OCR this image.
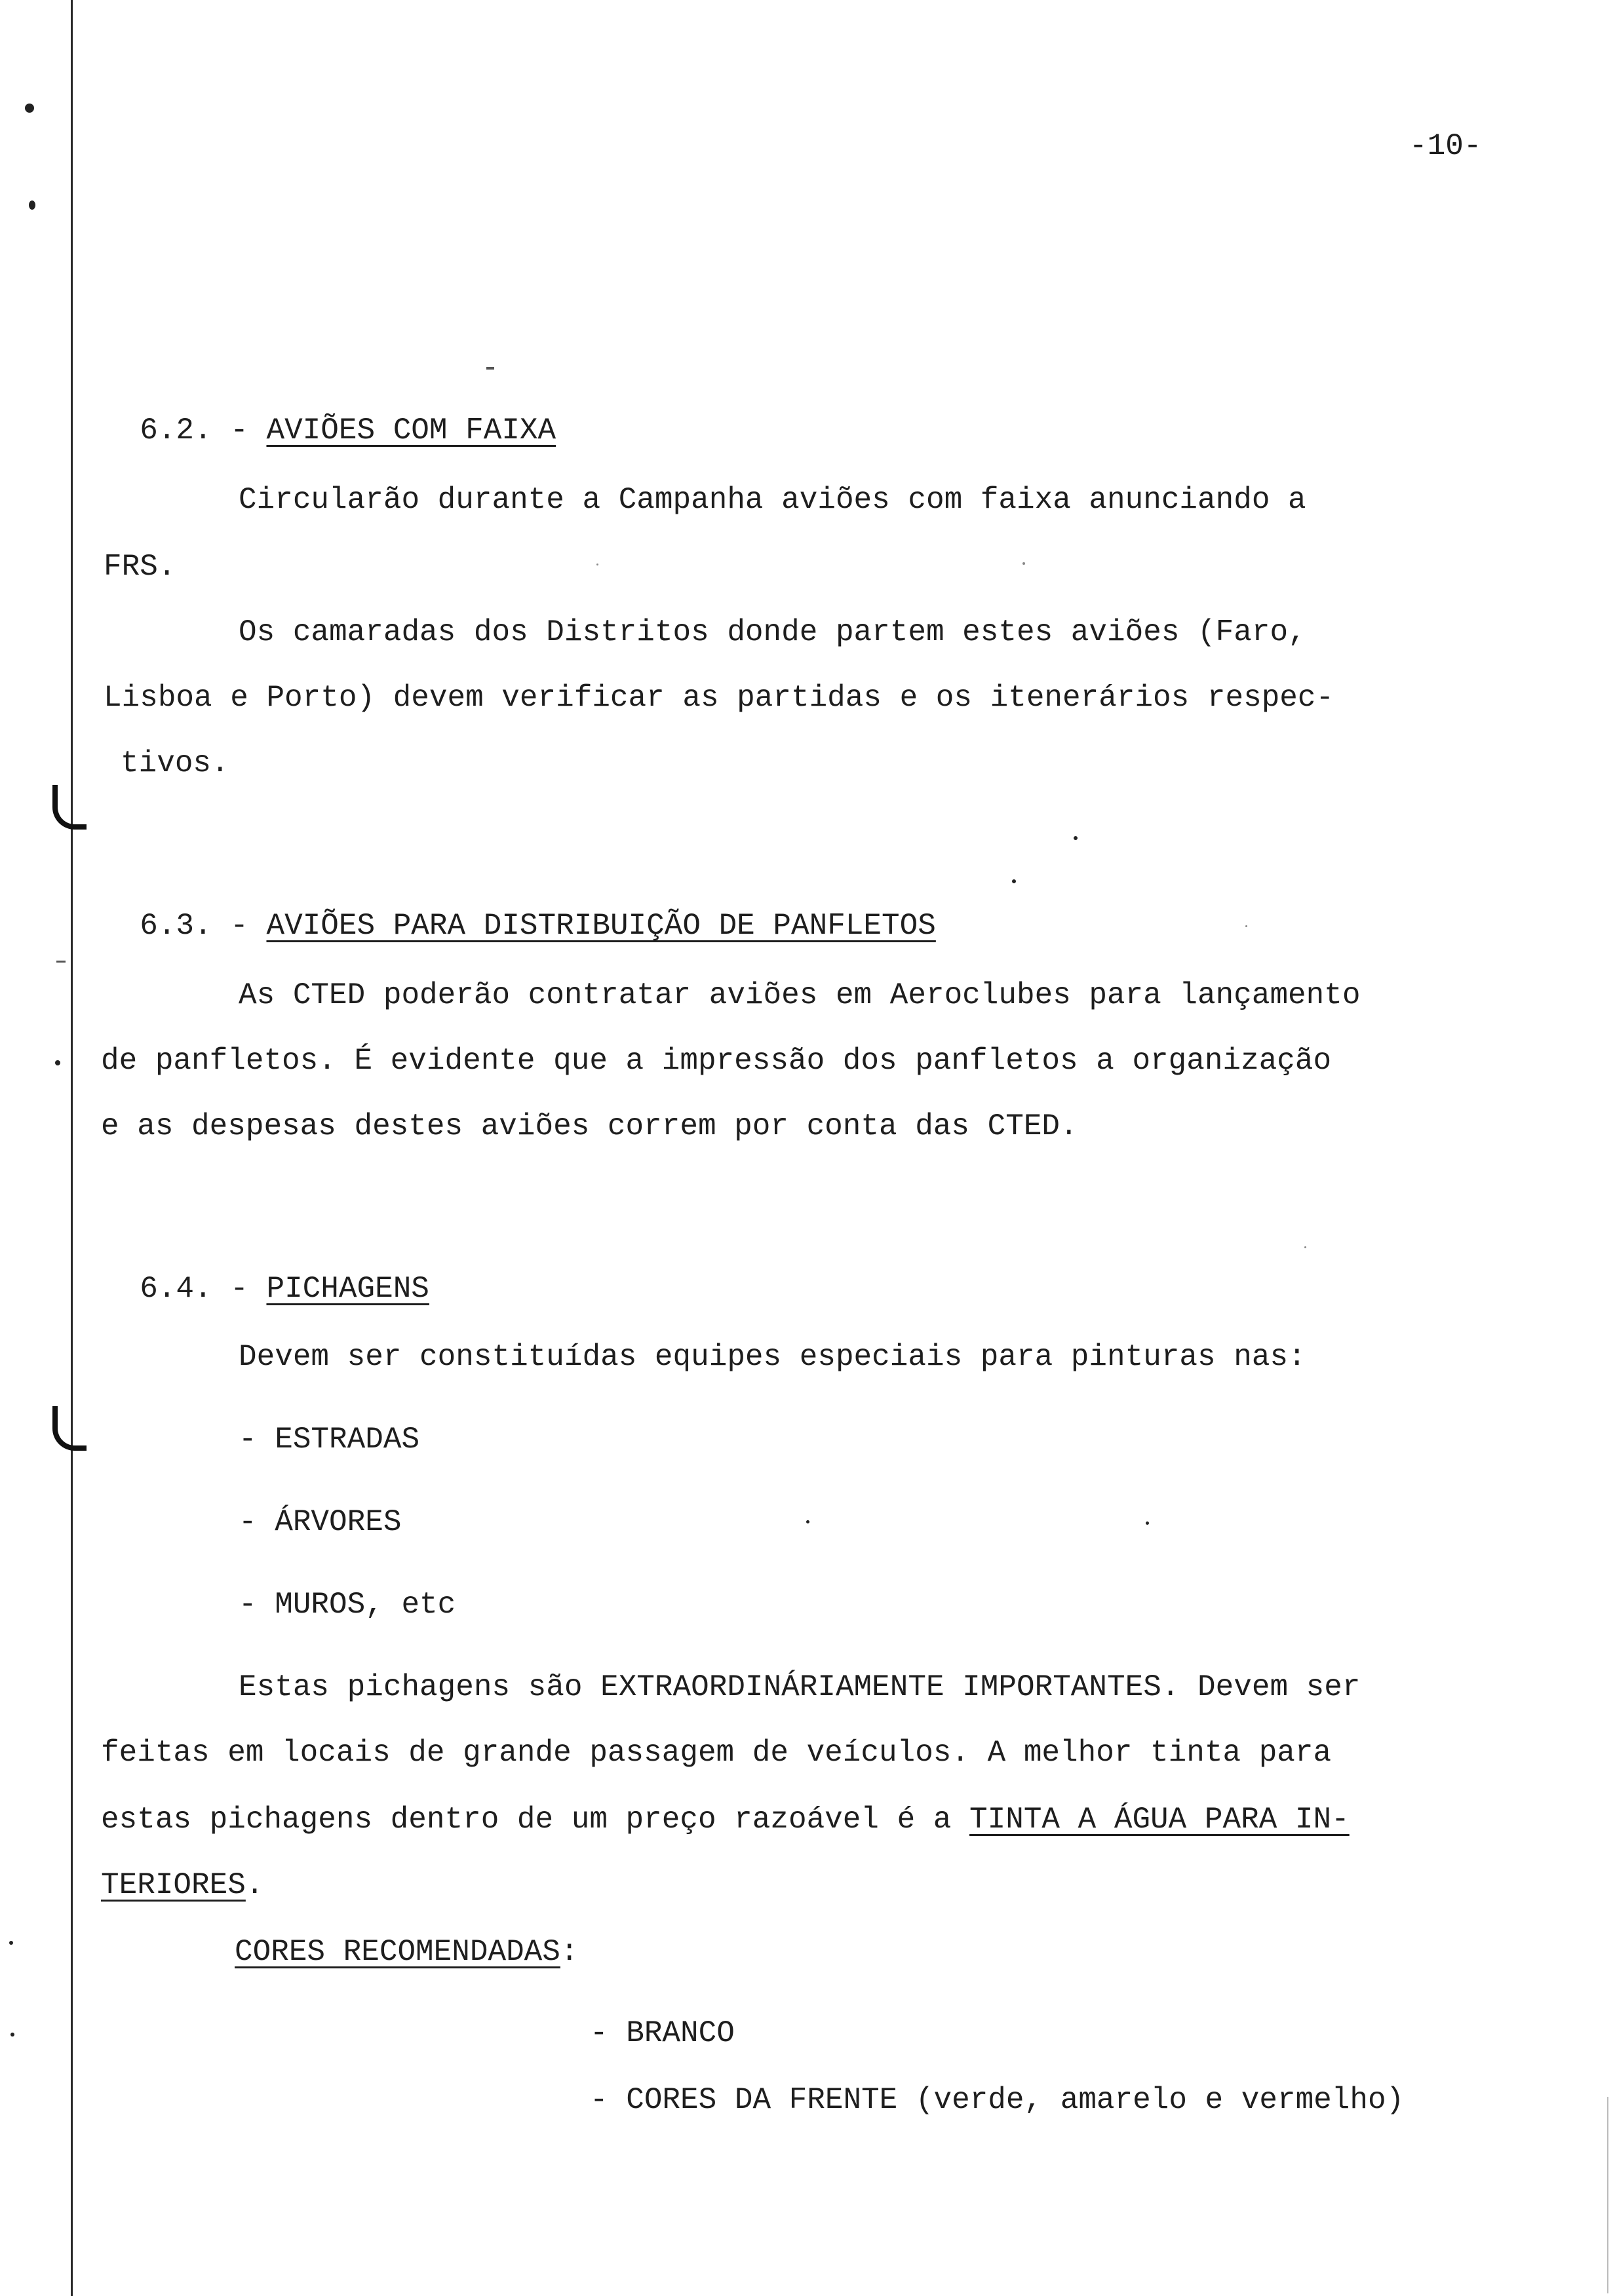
-10-

6.2. - AVIÕES COM FAIXA

Circularão durante a Campanha aviões com faixa anunciando a
FRS.
Os camaradas dos Distritos donde partem estes aviões (Faro,
Lisboa e Porto) devem verificar as partidas e os itenerários respec-
tivos.

6.3. - AVIÕES PARA DISTRIBUIÇÃO DE PANFLETOS

As CTED poderão contratar aviões em Aeroclubes para lançamento
de panfletos. É evidente que a impressão dos panfletos a organização
e as despesas destes aviões correm por conta das CTED.

6.4. - PICHAGENS

Devem ser constituídas equipes especiais para pinturas nas:
- ESTRADAS
- ÁRVORES
- MUROS, etc
Estas pichagens são EXTRAORDINÁRIAMENTE IMPORTANTES. Devem ser
feitas em locais de grande passagem de veículos. A melhor tinta para
estas pichagens dentro de um preço razoável é a TINTA A ÁGUA PARA IN-
TERIORES.
CORES RECOMENDADAS:
- BRANCO
- CORES DA FRENTE (verde, amarelo e vermelho)
